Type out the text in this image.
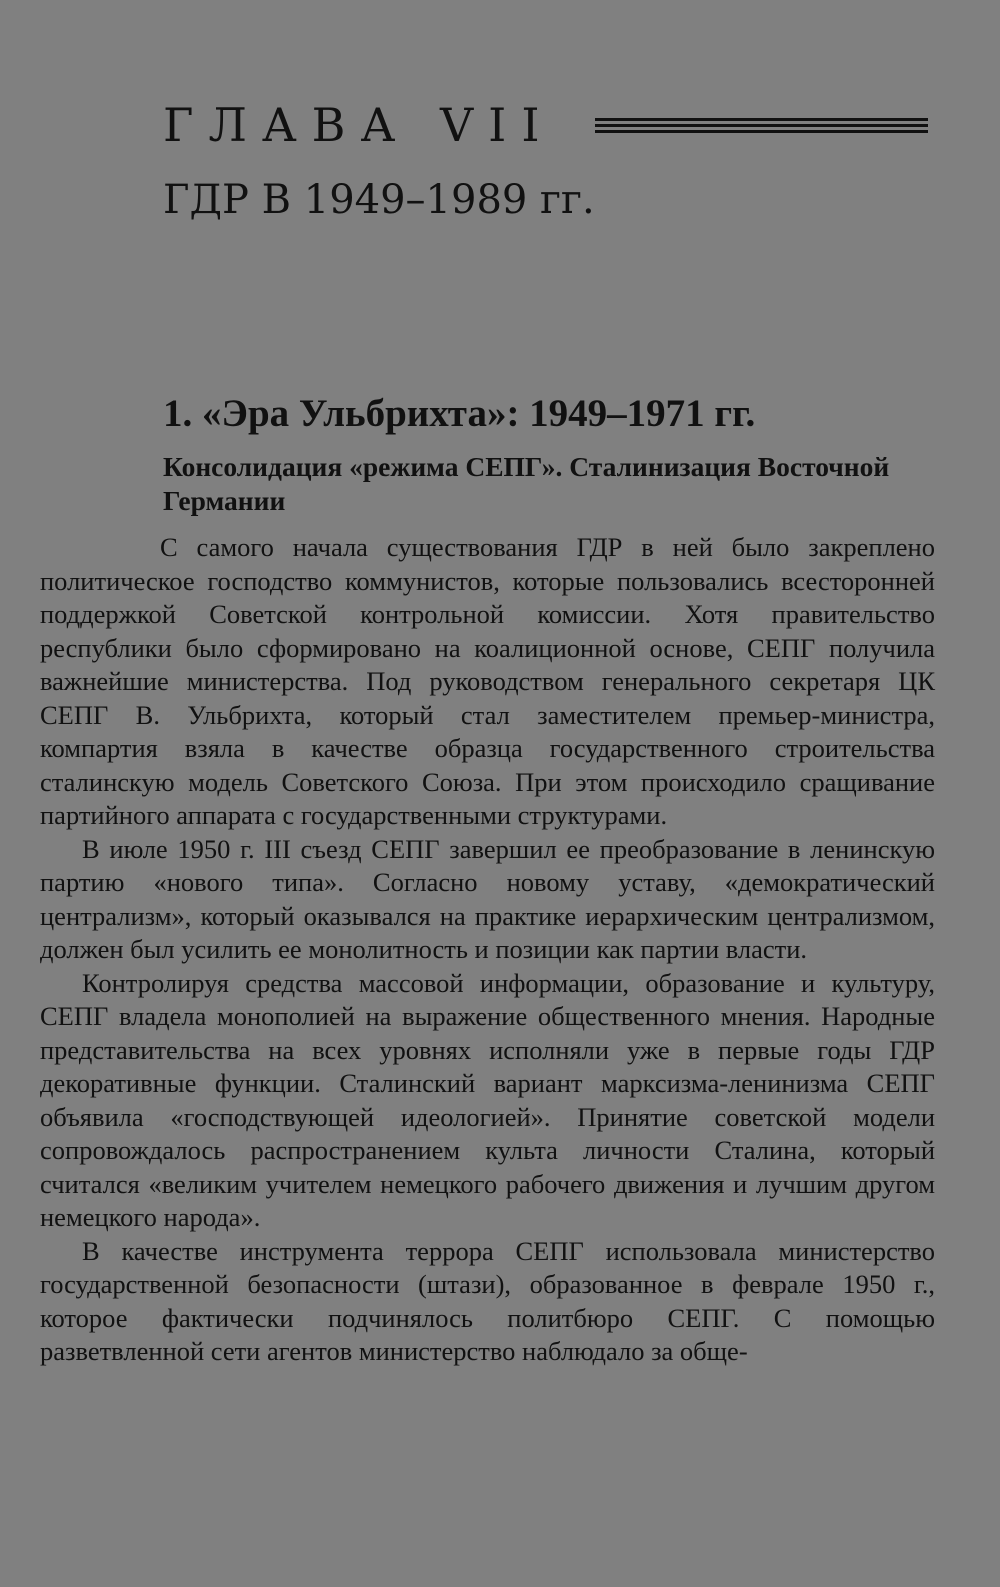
ГЛАВА VII
ГДР В 1949–1989 гг.
1. «Эра Ульбрихта»: 1949–1971 гг.
Консолидация «режима СЕПГ». Сталинизация Восточной Германии

С самого начала существования ГДР в ней было закреплено политическое господство коммунистов, которые пользовались всесторонней поддержкой Советской контрольной комиссии. Хотя правительство республики было сформировано на коалиционной основе, СЕПГ получила важнейшие министерства. Под руководством генерального секретаря ЦК СЕПГ В. Ульбрихта, который стал заместителем премьер-министра, компартия взяла в качестве образца государственного строительства сталинскую модель Советского Союза. При этом происходило сращивание партийного аппарата с государственными структурами.

В июле 1950 г. III съезд СЕПГ завершил ее преобразование в ленинскую партию «нового типа». Согласно новому уставу, «демократический централизм», который оказывался на практике иерархическим централизмом, должен был усилить ее монолитность и позиции как партии власти.

Контролируя средства массовой информации, образование и культуру, СЕПГ владела монополией на выражение общественного мнения. Народные представительства на всех уровнях исполняли уже в первые годы ГДР декоративные функции. Сталинский вариант марксизма-ленинизма СЕПГ объявила «господствующей идеологией». Принятие советской модели сопровождалось распространением культа личности Сталина, который считался «великим учителем немецкого рабочего движения и лучшим другом немецкого народа».

В качестве инструмента террора СЕПГ использовала министерство государственной безопасности (штази), образованное в феврале 1950 г., которое фактически подчинялось политбюро СЕПГ. С помощью разветвленной сети агентов министерство наблюдало за обще-
